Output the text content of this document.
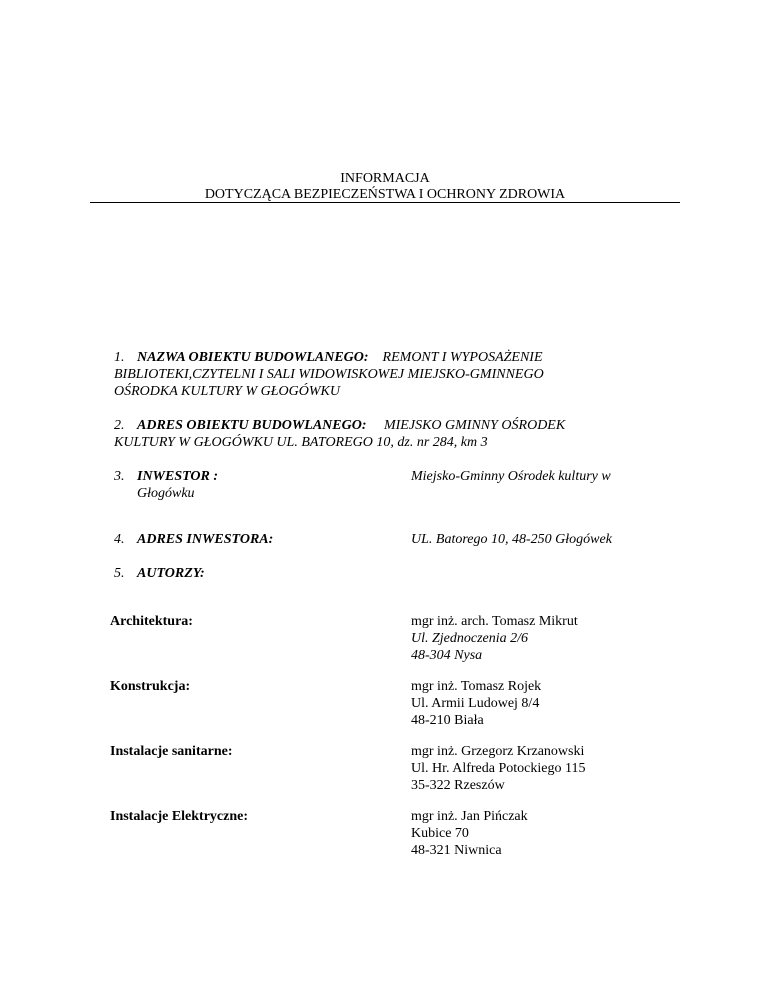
INFORMACJA
DOTYCZĄCA BEZPIECZEŃSTWA I OCHRONY ZDROWIA
1. NAZWA OBIEKTU BUDOWLANEGO: REMONT I WYPOSAŻENIE
BIBLIOTEKI,CZYTELNI I SALI WIDOWISKOWEJ MIEJSKO-GMINNEGO
OŚRODKA KULTURY W GŁOGÓWKU
2. ADRES OBIEKTU BUDOWLANEGO: MIEJSKO GMINNY OŚRODEK
KULTURY W GŁOGÓWKU UL. BATOREGO 10, dz. nr 284, km 3
3. INWESTOR :	Miejsko-Gminny Ośrodek kultury w
Głogówku
4. ADRES INWESTORA:	UL. Batorego 10, 48-250 Głogówek
5. AUTORZY:
Architektura:	mgr inż. arch. Tomasz Mikrut
Ul. Zjednoczenia 2/6
48-304 Nysa
Konstrukcja:	mgr inż. Tomasz Rojek
Ul. Armii Ludowej 8/4
48-210 Biała
Instalacje sanitarne:	mgr inż. Grzegorz Krzanowski
Ul. Hr. Alfreda Potockiego 115
35-322 Rzeszów
Instalacje Elektryczne:	mgr inż. Jan Pińczak
Kubice 70
48-321 Niwnica
